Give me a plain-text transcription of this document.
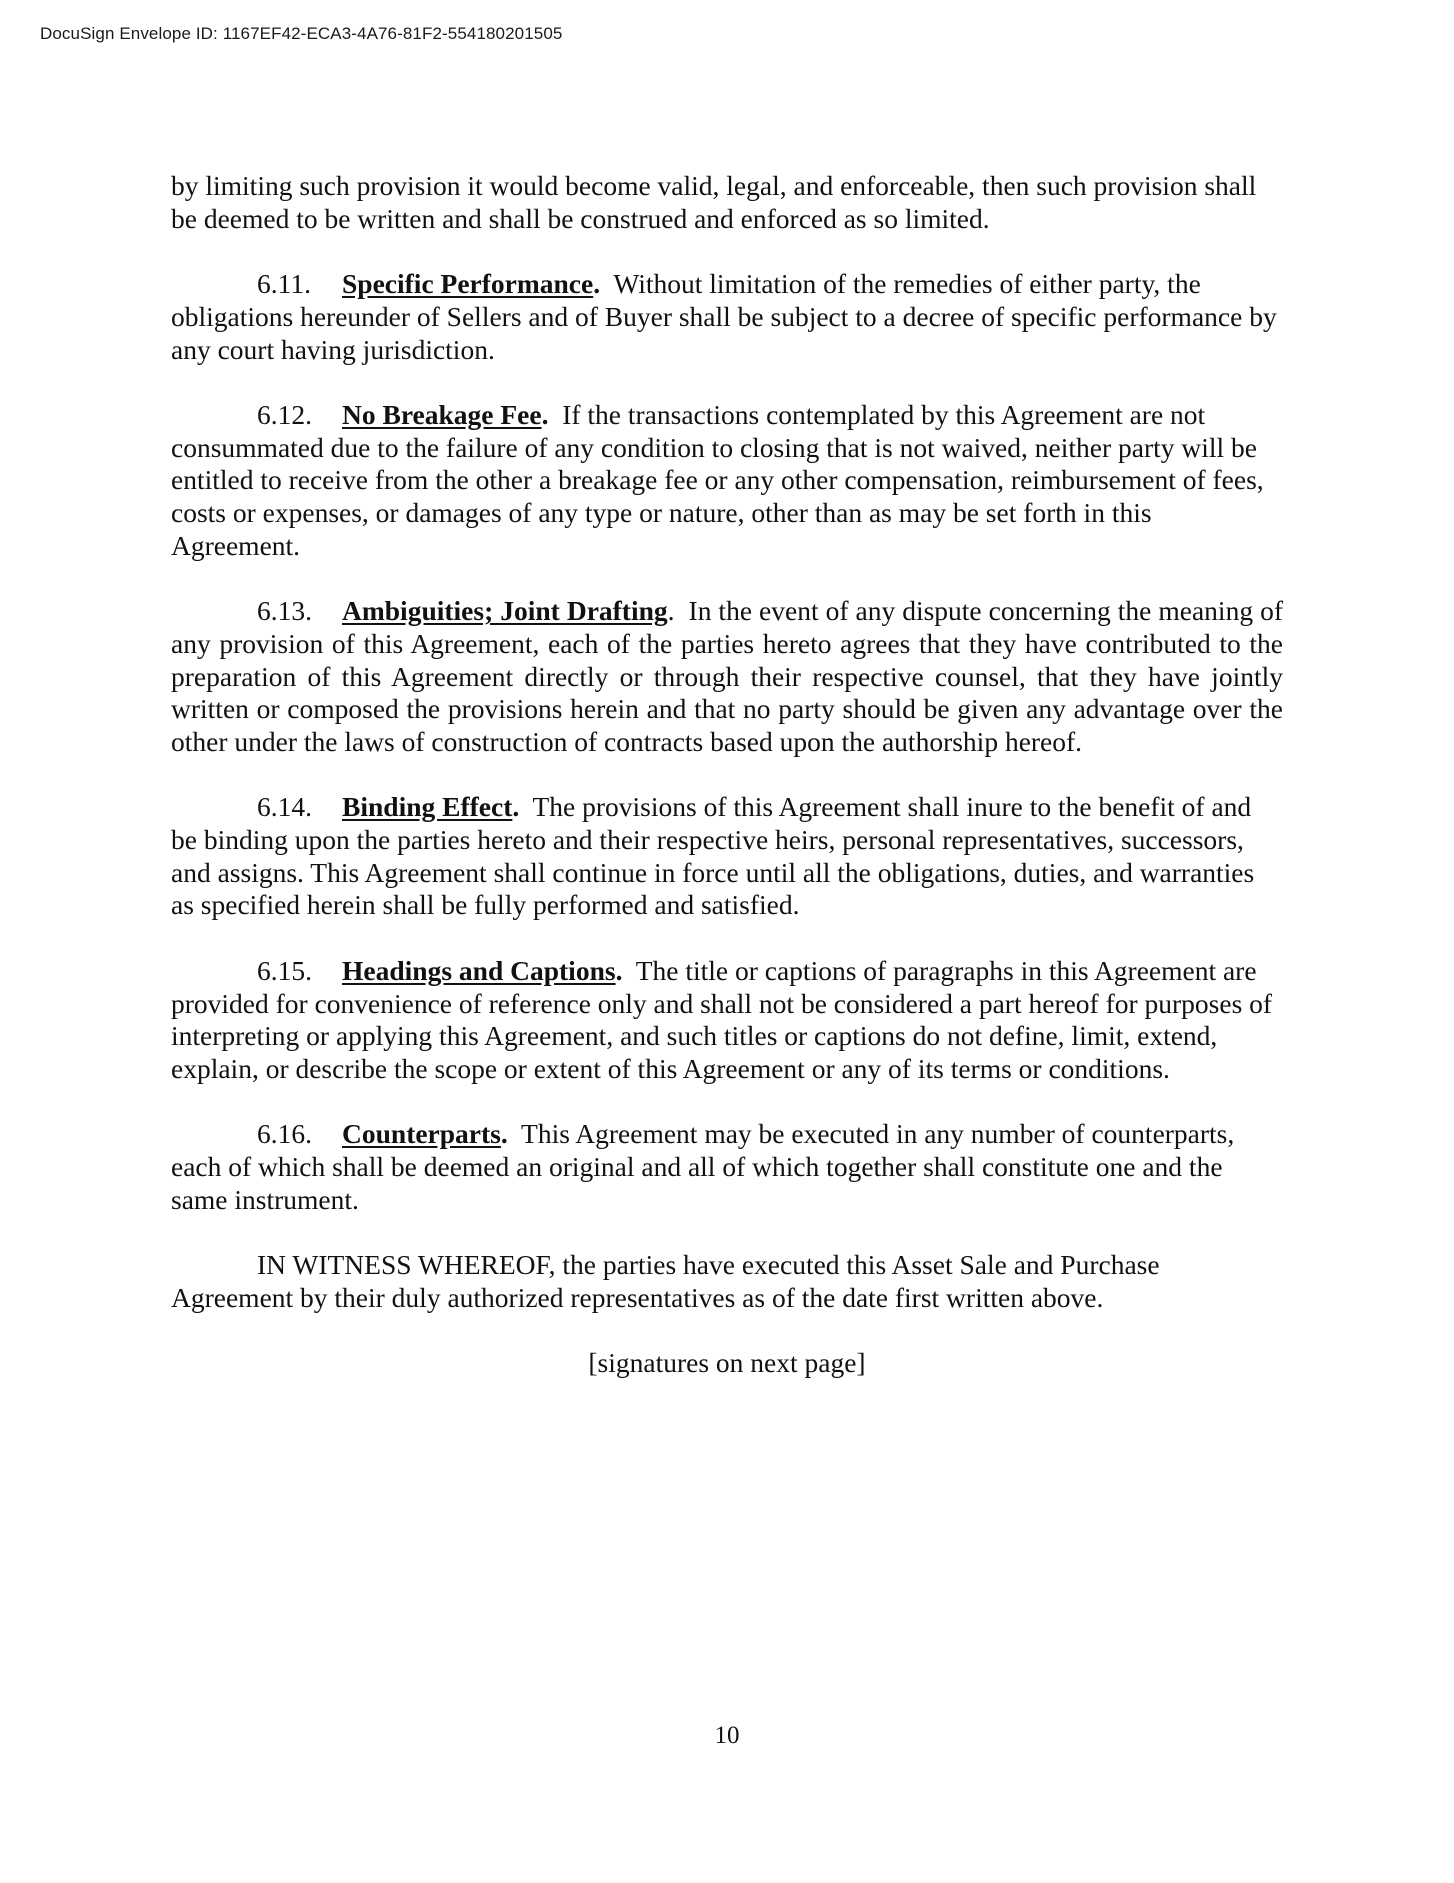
DocuSign Envelope ID: 1167EF42-ECA3-4A76-81F2-554180201505

by limiting such provision it would become valid, legal, and enforceable, then such provision shall be deemed to be written and shall be construed and enforced as so limited.

6.11. Specific Performance. Without limitation of the remedies of either party, the obligations hereunder of Sellers and of Buyer shall be subject to a decree of specific performance by any court having jurisdiction.

6.12. No Breakage Fee. If the transactions contemplated by this Agreement are not consummated due to the failure of any condition to closing that is not waived, neither party will be entitled to receive from the other a breakage fee or any other compensation, reimbursement of fees, costs or expenses, or damages of any type or nature, other than as may be set forth in this Agreement.

6.13. Ambiguities; Joint Drafting. In the event of any dispute concerning the meaning of any provision of this Agreement, each of the parties hereto agrees that they have contributed to the preparation of this Agreement directly or through their respective counsel, that they have jointly written or composed the provisions herein and that no party should be given any advantage over the other under the laws of construction of contracts based upon the authorship hereof.

6.14. Binding Effect. The provisions of this Agreement shall inure to the benefit of and be binding upon the parties hereto and their respective heirs, personal representatives, successors, and assigns. This Agreement shall continue in force until all the obligations, duties, and warranties as specified herein shall be fully performed and satisfied.

6.15. Headings and Captions. The title or captions of paragraphs in this Agreement are provided for convenience of reference only and shall not be considered a part hereof for purposes of interpreting or applying this Agreement, and such titles or captions do not define, limit, extend, explain, or describe the scope or extent of this Agreement or any of its terms or conditions.

6.16. Counterparts. This Agreement may be executed in any number of counterparts, each of which shall be deemed an original and all of which together shall constitute one and the same instrument.

IN WITNESS WHEREOF, the parties have executed this Asset Sale and Purchase Agreement by their duly authorized representatives as of the date first written above.

[signatures on next page]

10
